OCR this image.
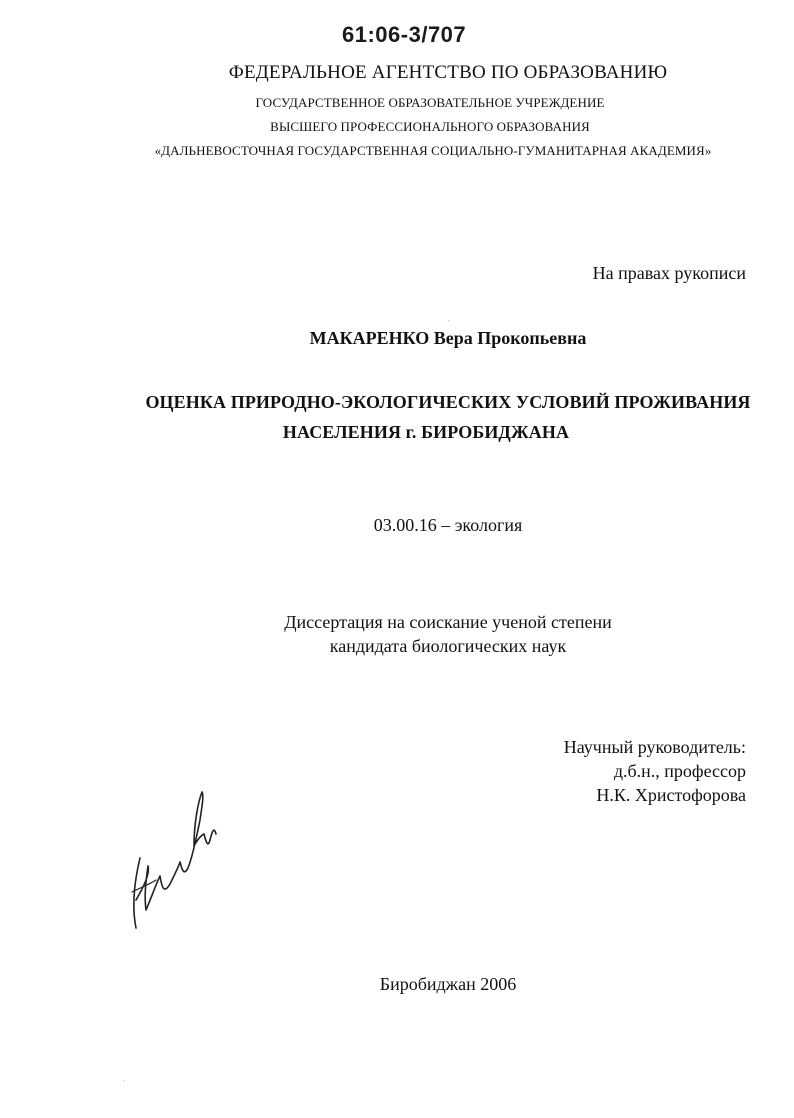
61:06-3/707
ФЕДЕРАЛЬНОЕ АГЕНТСТВО ПО ОБРАЗОВАНИЮ
ГОСУДАРСТВЕННОЕ ОБРАЗОВАТЕЛЬНОЕ УЧРЕЖДЕНИЕ
ВЫСШЕГО ПРОФЕССИОНАЛЬНОГО ОБРАЗОВАНИЯ
«ДАЛЬНЕВОСТОЧНАЯ ГОСУДАРСТВЕННАЯ СОЦИАЛЬНО-ГУМАНИТАРНАЯ АКАДЕМИЯ»
На правах рукописи
МАКАРЕНКО Вера Прокопьевна
ОЦЕНКА ПРИРОДНО-ЭКОЛОГИЧЕСКИХ УСЛОВИЙ ПРОЖИВАНИЯ
НАСЕЛЕНИЯ г. БИРОБИДЖАНА
03.00.16 – экология
Диссертация на соискание ученой степени
кандидата биологических наук
Научный руководитель:
д.б.н., профессор
Н.К. Христофорова
Биробиджан 2006
